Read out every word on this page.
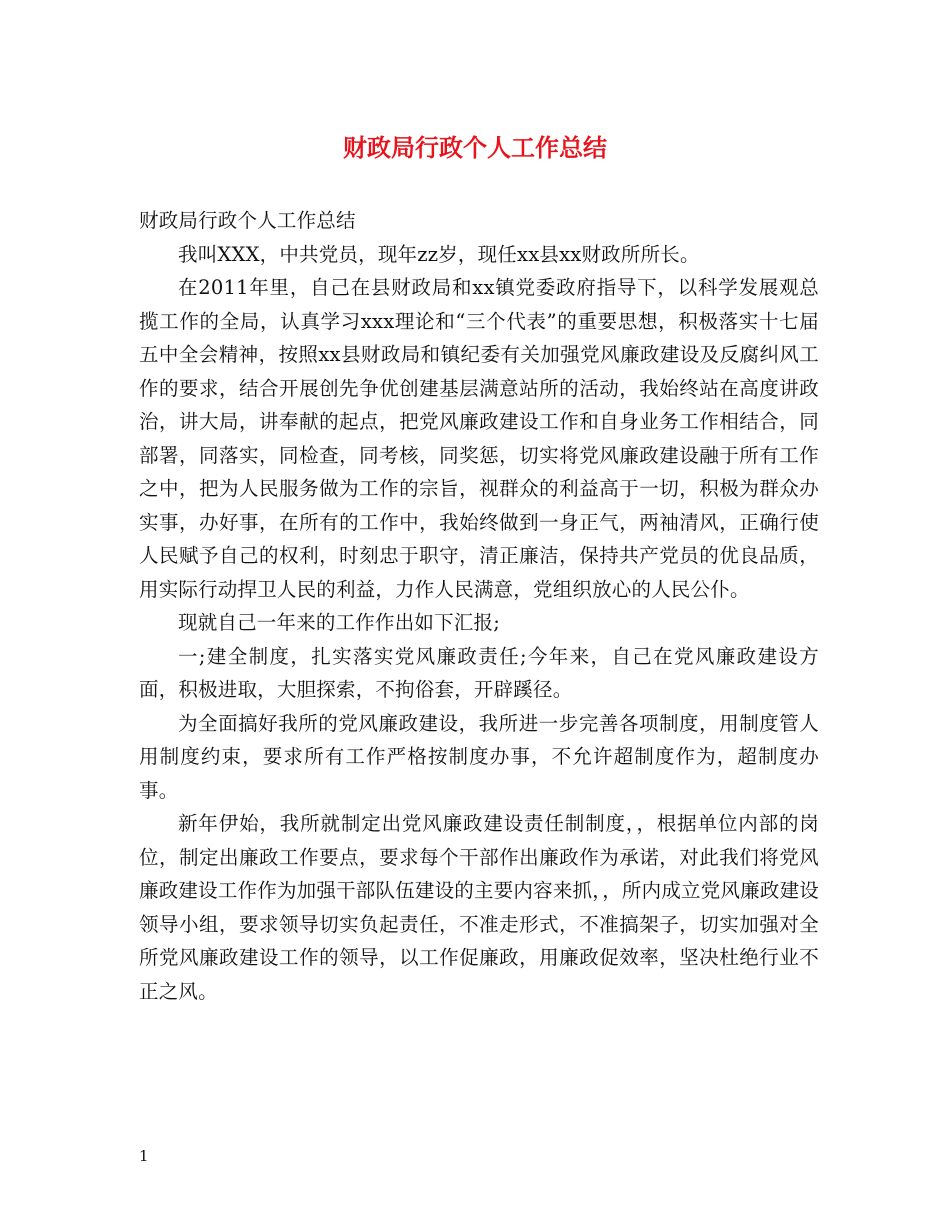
财政局行政个人工作总结

财政局行政个人工作总结

我叫XXX，中共党员，现年zz岁，现任xx县xx财政所所长。

在2011年里，自己在县财政局和xx镇党委政府指导下，以科学发展观总揽工作的全局，认真学习xxx理论和“三个代表”的重要思想，积极落实十七届五中全会精神，按照xx县财政局和镇纪委有关加强党风廉政建设及反腐纠风工作的要求，结合开展创先争优创建基层满意站所的活动，我始终站在高度讲政治，讲大局，讲奉献的起点，把党风廉政建设工作和自身业务工作相结合，同部署，同落实，同检查，同考核，同奖惩，切实将党风廉政建设融于所有工作之中，把为人民服务做为工作的宗旨，视群众的利益高于一切，积极为群众办实事，办好事，在所有的工作中，我始终做到一身正气，两袖清风，正确行使人民赋予自己的权利，时刻忠于职守，清正廉洁，保持共产党员的优良品质，用实际行动捍卫人民的利益，力作人民满意，党组织放心的人民公仆。

现就自己一年来的工作作出如下汇报;

一;建全制度，扎实落实党风廉政责任;今年来，自己在党风廉政建设方面，积极进取，大胆探索，不拘俗套，开辟蹊径。

为全面搞好我所的党风廉政建设，我所进一步完善各项制度，用制度管人用制度约束，要求所有工作严格按制度办事，不允许超制度作为，超制度办事。

新年伊始，我所就制定出党风廉政建设责任制制度，，根据单位内部的岗位，制定出廉政工作要点，要求每个干部作出廉政作为承诺，对此我们将党风廉政建设工作作为加强干部队伍建设的主要内容来抓，，所内成立党风廉政建设领导小组，要求领导切实负起责任，不准走形式，不准搞架子，切实加强对全所党风廉政建设工作的领导，以工作促廉政，用廉政促效率，坚决杜绝行业不正之风。

1
